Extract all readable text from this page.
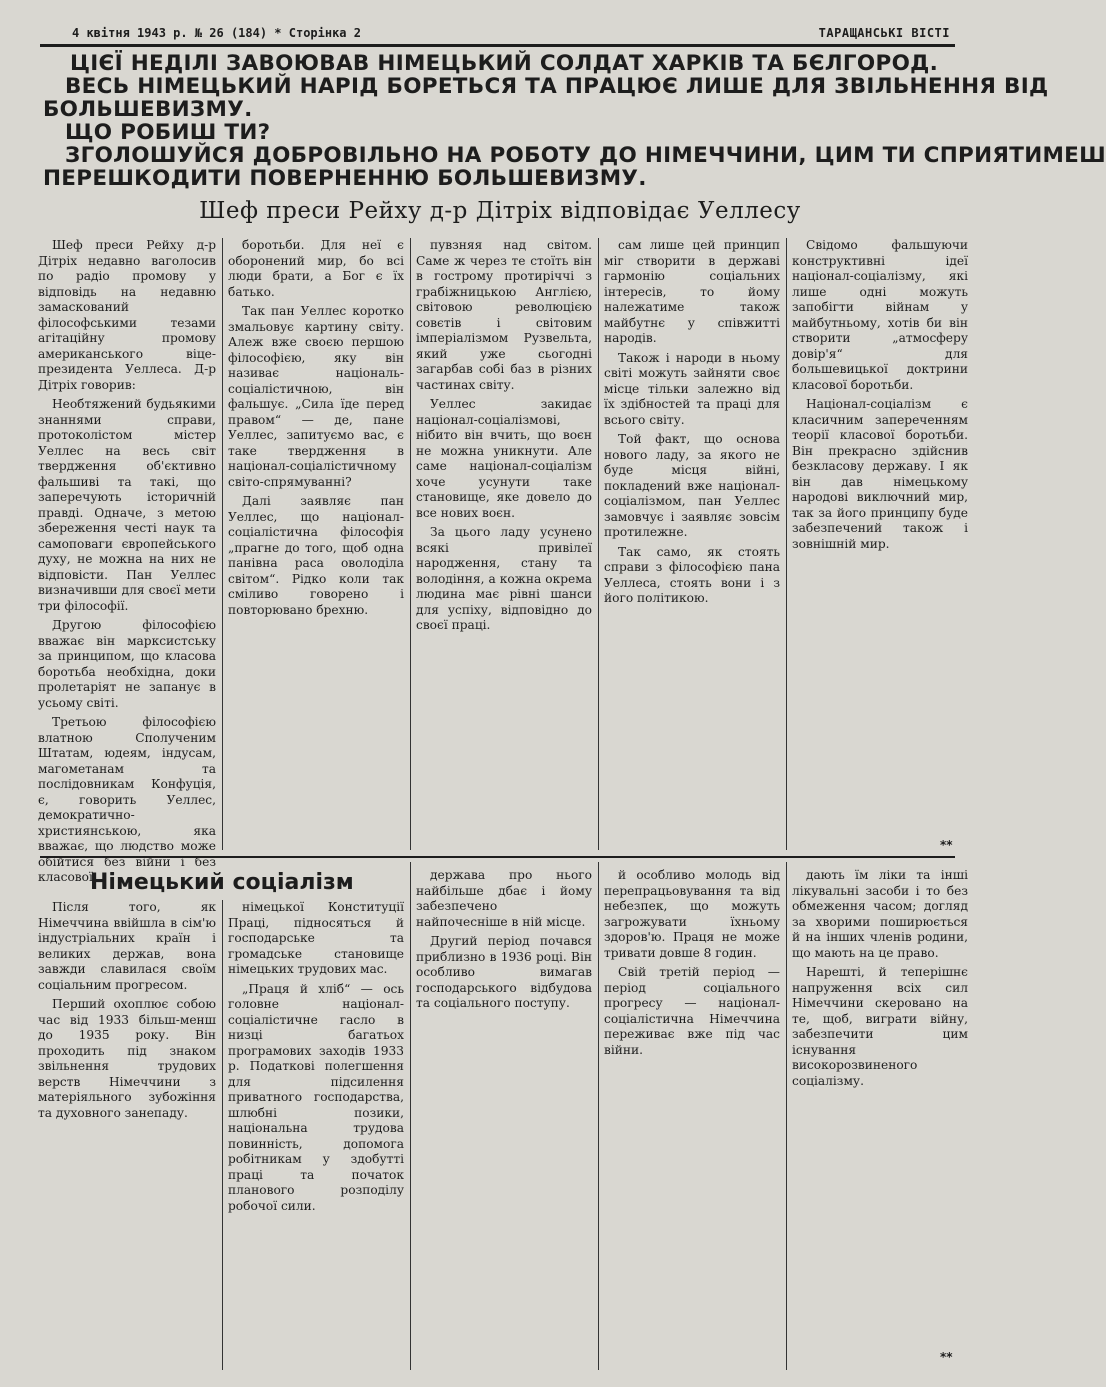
4 квітня 1943 р. № 26 (184) * Сторінка 2	ТАРАЩАНСЬКІ ВІСТІ
ЦІЄЇ НЕДІЛІ ЗАВОЮВАВ НІМЕЦЬКИЙ СОЛДАТ ХАРКІВ ТА БЄЛГОРОД.
ВЕСЬ НІМЕЦЬКИЙ НАРІД БОРЕТЬСЯ ТА ПРАЦЮЄ ЛИШЕ ДЛЯ ЗВІЛЬНЕННЯ ВІД
БОЛЬШЕВИЗМУ.
ЩО РОБИШ ТИ?
ЗГОЛОШУЙСЯ ДОБРОВІЛЬНО НА РОБОТУ ДО НІМЕЧЧИНИ, ЦИМ ТИ СПРИЯТИМЕШ
ПЕРЕШКОДИТИ ПОВЕРНЕННЮ БОЛЬШЕВИЗМУ.
Шеф преси Рейху д-р Дітріх відповідає Уеллесу

Шеф преси Рейху д-р Дітріх недавно ваголосив по радіо промову у відповідь на недавню замаскований філософськими тезами агітаційну промову американського віце-президента Уеллеса. Д-р Дітріх говорив:

Необтяжений будьякими знаннями справи, протоколістом містер Уеллес на весь світ твердження об'єктивно фальшиві та такі, що заперечують історичній правді. Одначе, з метою збереження честі наук та самоповаги європейського духу, не можна на них не відповісти. Пан Уеллес визначивши для своєї мети три філософії.

Другою філософією вважає він марксистську за принципом, що класова боротьба необхідна, доки пролетаріят не запанує в усьому світі.

Третьою філософією влатною Сполученим Штатам, юдеям, індусам, магометанам та послідовникам Конфуція, є, говорить Уеллес, демократично-християнською, яка вважає, що людство може обійтися без війни і без класової

боротьби. Для неї є оборонений мир, бо всі люди брати, а Бог є їх батько.

Так пан Уеллес коротко змальовує картину світу. Алеж вже своєю першою філософією, яку він називає національ-соціалістичною, він фальшує. „Сила їде перед правом“ — де, пане Уеллес, запитуємо вас, є таке твердження в націонал-соціалістичному світо-спрямуванні?

Далі заявляє пан Уеллес, що націонал-соціалістична філософія „прагне до того, щоб одна панівна раса оволоділа світом“. Рідко коли так сміливо говорено і повторювано брехню.

пувзняя над світом. Саме ж через те стоїть він в гострому протиріччі з грабіжницькою Англією, світовою революцією совєтів і світовим імперіалізмом Рузвельта, який уже сьогодні загарбав собі баз в різних частинах світу.

Уеллес закидає націонал-соціалізмові, нібито він вчить, що воєн не можна уникнути. Але саме націонал-соціалізм хоче усунути таке становище, яке довело до все нових воєн.

За цього ладу усунено всякі привілеї народження, стану та володіння, а кожна окрема людина має рівні шанси для успіху, відповідно до своєї праці.

сам лише цей принцип міг створити в державі гармонію соціальних інтересів, то йому належатиме також майбутнє у співжитті народів.

Також і народи в ньому світі можуть зайняти своє місце тільки залежно від їх здібностей та праці для всього світу.

Той факт, що основа нового ладу, за якого не буде місця війні, покладений вже націонал-соціалізмом, пан Уеллес замовчує і заявляє зовсім протилежне.

Так само, як стоять справи з філософією пана Уеллеса, стоять вони і з його політикою.

Свідомо фальшуючи конструктивні ідеї націонал-соціалізму, які лише одні можуть запобігти війнам у майбутньому, хотів би він створити „атмосферу довір'я“ для большевицької доктрини класової боротьби.

Націонал-соціалізм є класичним запереченням теорії класової боротьби. Він прекрасно здійснив безкласову державу. І як він дав німецькому народові виключний мир, так за його принципу буде забезпечений також і зовнішній мир.

**
Німецький соціалізм

Після того, як Німеччина ввійшла в сім'ю індустріальних країн і великих держав, вона завжди славилася своїм соціальним прогресом.

Перший охоплює собою час від 1933 більш-менш до 1935 року. Він проходить під знаком звільнення трудових верств Німеччини з матеріяльного зубожіння та духовного занепаду.

німецької Конституції Праці, підносяться й господарське та громадське становище німецьких трудових мас.

„Праця й хліб“ — ось головне націонал-соціалістичне гасло в низці багатьох програмових заходів 1933 р. Податкові полегшення для підсилення приватного господарства, шлюбні позики, національна трудова повинність, допомога робітникам у здобутті праці та початок планового розподілу робочої сили.

держава про нього найбільше дбає і йому забезпечено найпочесніше в ній місце.

Другий період почався приблизно в 1936 році. Він особливо вимагав господарського відбудова та соціального поступу.

й особливо молодь від перепрацьовування та від небезпек, що можуть загрожувати їхньому здоров'ю. Праця не може тривати довше 8 годин.

Свій третій період — період соціального прогресу — націонал-соціалістична Німеччина переживає вже під час війни.

дають їм ліки та інші лікувальні засоби і то без обмеження часом; догляд за хворими поширюється й на інших членів родини, що мають на це право.

Нарешті, й теперішнє напруження всіх сил Німеччини скеровано на те, щоб, виграти війну, забезпечити цим існування високорозвиненого соціалізму.

**
